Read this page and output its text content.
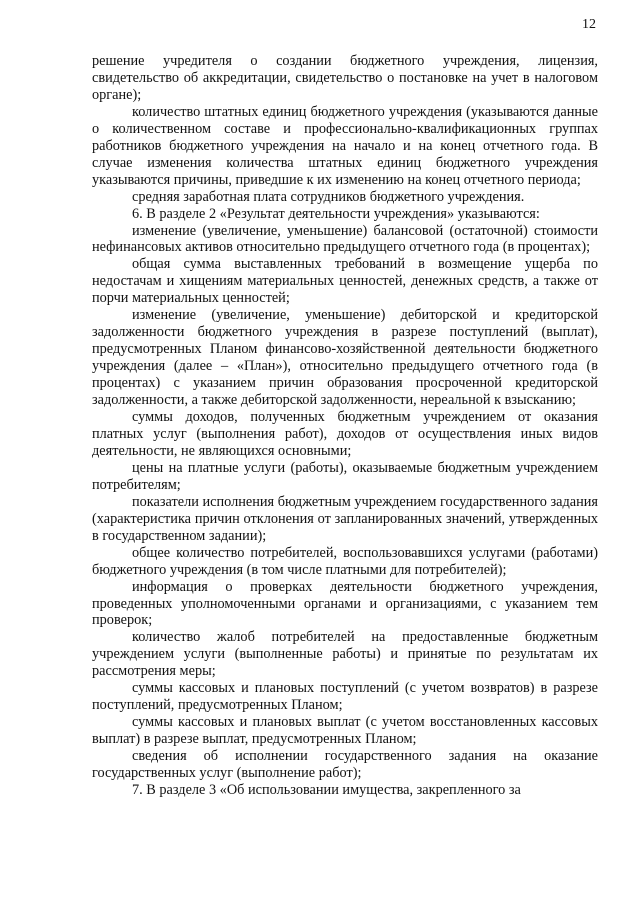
12

решение учредителя о создании бюджетного учреждения, лицензия, свидетельство об аккредитации, свидетельство о постановке на учет в налоговом органе);

количество штатных единиц бюджетного учреждения (указываются данные о количественном составе и профессионально-квалификационных группах работников бюджетного учреждения на начало и на конец отчетного года. В случае изменения количества штатных единиц бюджетного учреждения указываются причины, приведшие к их изменению на конец отчетного периода;

средняя заработная плата сотрудников бюджетного учреждения.

6. В разделе 2 «Результат деятельности учреждения» указываются:

изменение (увеличение, уменьшение) балансовой (остаточной) стоимости нефинансовых активов относительно предыдущего отчетного года (в процентах);

общая сумма выставленных требований в возмещение ущерба по недостачам и хищениям материальных ценностей, денежных средств, а также от порчи материальных ценностей;

изменение (увеличение, уменьшение) дебиторской и кредиторской задолженности бюджетного учреждения в разрезе поступлений (выплат), предусмотренных Планом финансово-хозяйственной деятельности бюджетного учреждения (далее – «План»), относительно предыдущего отчетного года (в процентах) с указанием причин образования просроченной кредиторской задолженности, а также дебиторской задолженности, нереальной к взысканию;

суммы доходов, полученных бюджетным учреждением от оказания платных услуг (выполнения работ), доходов от осуществления иных видов деятельности, не являющихся основными;

цены на платные услуги (работы), оказываемые бюджетным учреждением потребителям;

показатели исполнения бюджетным учреждением государственного задания (характеристика причин отклонения от запланированных значений, утвержденных в государственном задании);

общее количество потребителей, воспользовавшихся услугами (работами) бюджетного учреждения (в том числе платными для потребителей);

информация о проверках деятельности бюджетного учреждения, проведенных уполномоченными органами и организациями, с указанием тем проверок;

количество жалоб потребителей на предоставленные бюджетным учреждением услуги (выполненные работы) и принятые по результатам их рассмотрения меры;

суммы кассовых и плановых поступлений (с учетом возвратов) в разрезе поступлений, предусмотренных Планом;

суммы кассовых и плановых выплат (с учетом восстановленных кассовых выплат) в разрезе выплат, предусмотренных Планом;

сведения об исполнении государственного задания на оказание государственных услуг (выполнение работ);

7. В разделе 3 «Об использовании имущества, закрепленного за
